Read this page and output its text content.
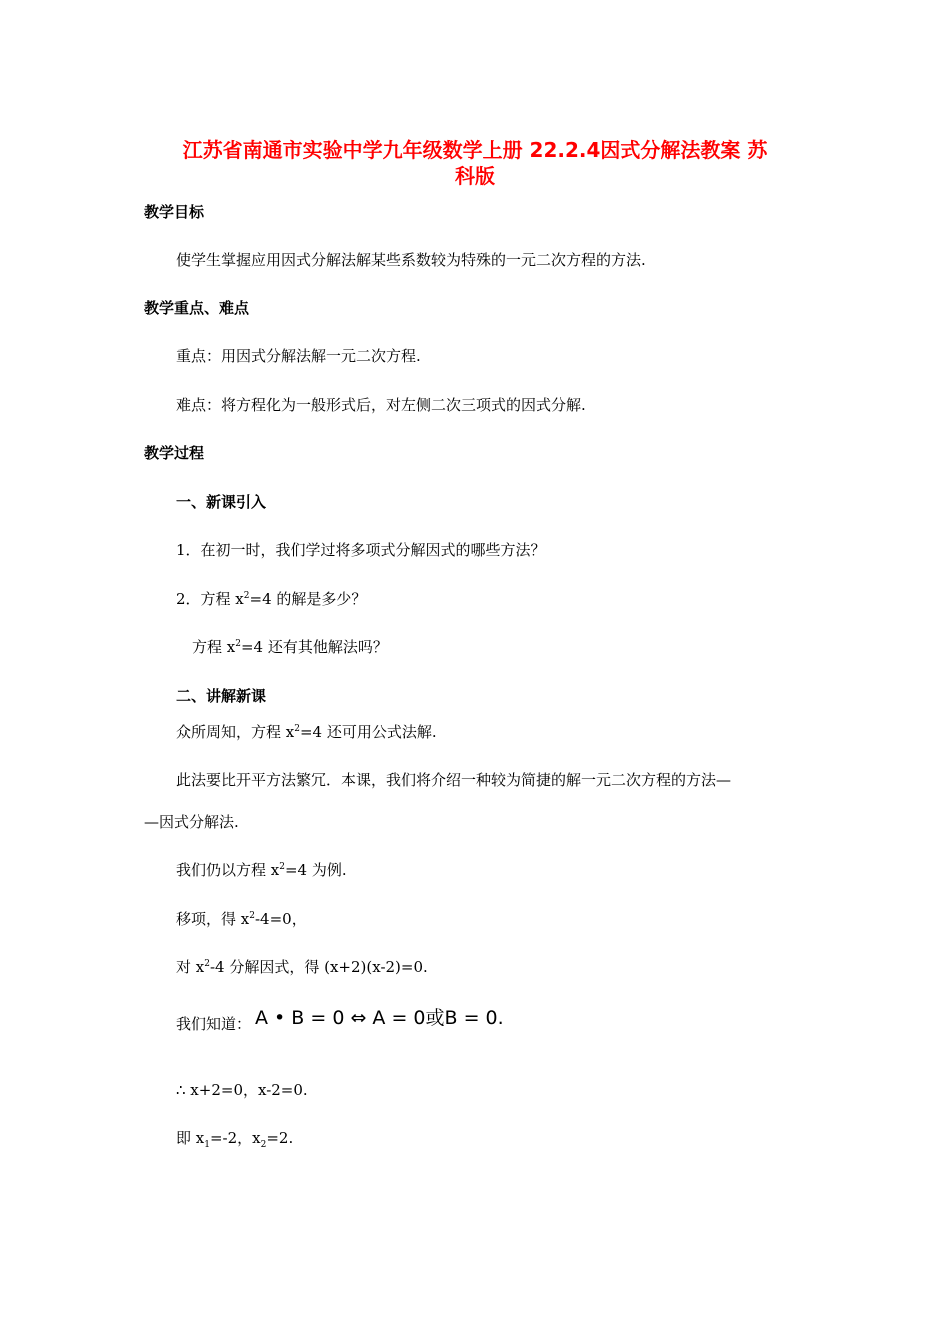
江苏省南通市实验中学九年级数学上册 22.2.4因式分解法教案 苏
科版
教学目标
使学生掌握应用因式分解法解某些系数较为特殊的一元二次方程的方法.
教学重点、难点
重点：用因式分解法解一元二次方程.
难点：将方程化为一般形式后，对左侧二次三项式的因式分解.
教学过程
一、新课引入
1．在初一时，我们学过将多项式分解因式的哪些方法？
2．方程 $x^2=4$ 的解是多少？
方程 $x^2=4$ 还有其他解法吗？
二、讲解新课
众所周知，方程 $x^2=4$ 还可用公式法解.
此法要比开平方法繁冗．本课，我们将介绍一种较为简捷的解一元二次方程的方法—
—因式分解法.
我们仍以方程 $x^2=4$ 为例.
移项，得 $x^2-4=0$，
对 $x^2-4$ 分解因式，得 (x+2)(x-2)=0.
我们知道： A • B = 0 ⇔ A = 0或B = 0.
∴ x+2=0，x-2=0.
即 $x_1=-2$，$x_2=2$.
